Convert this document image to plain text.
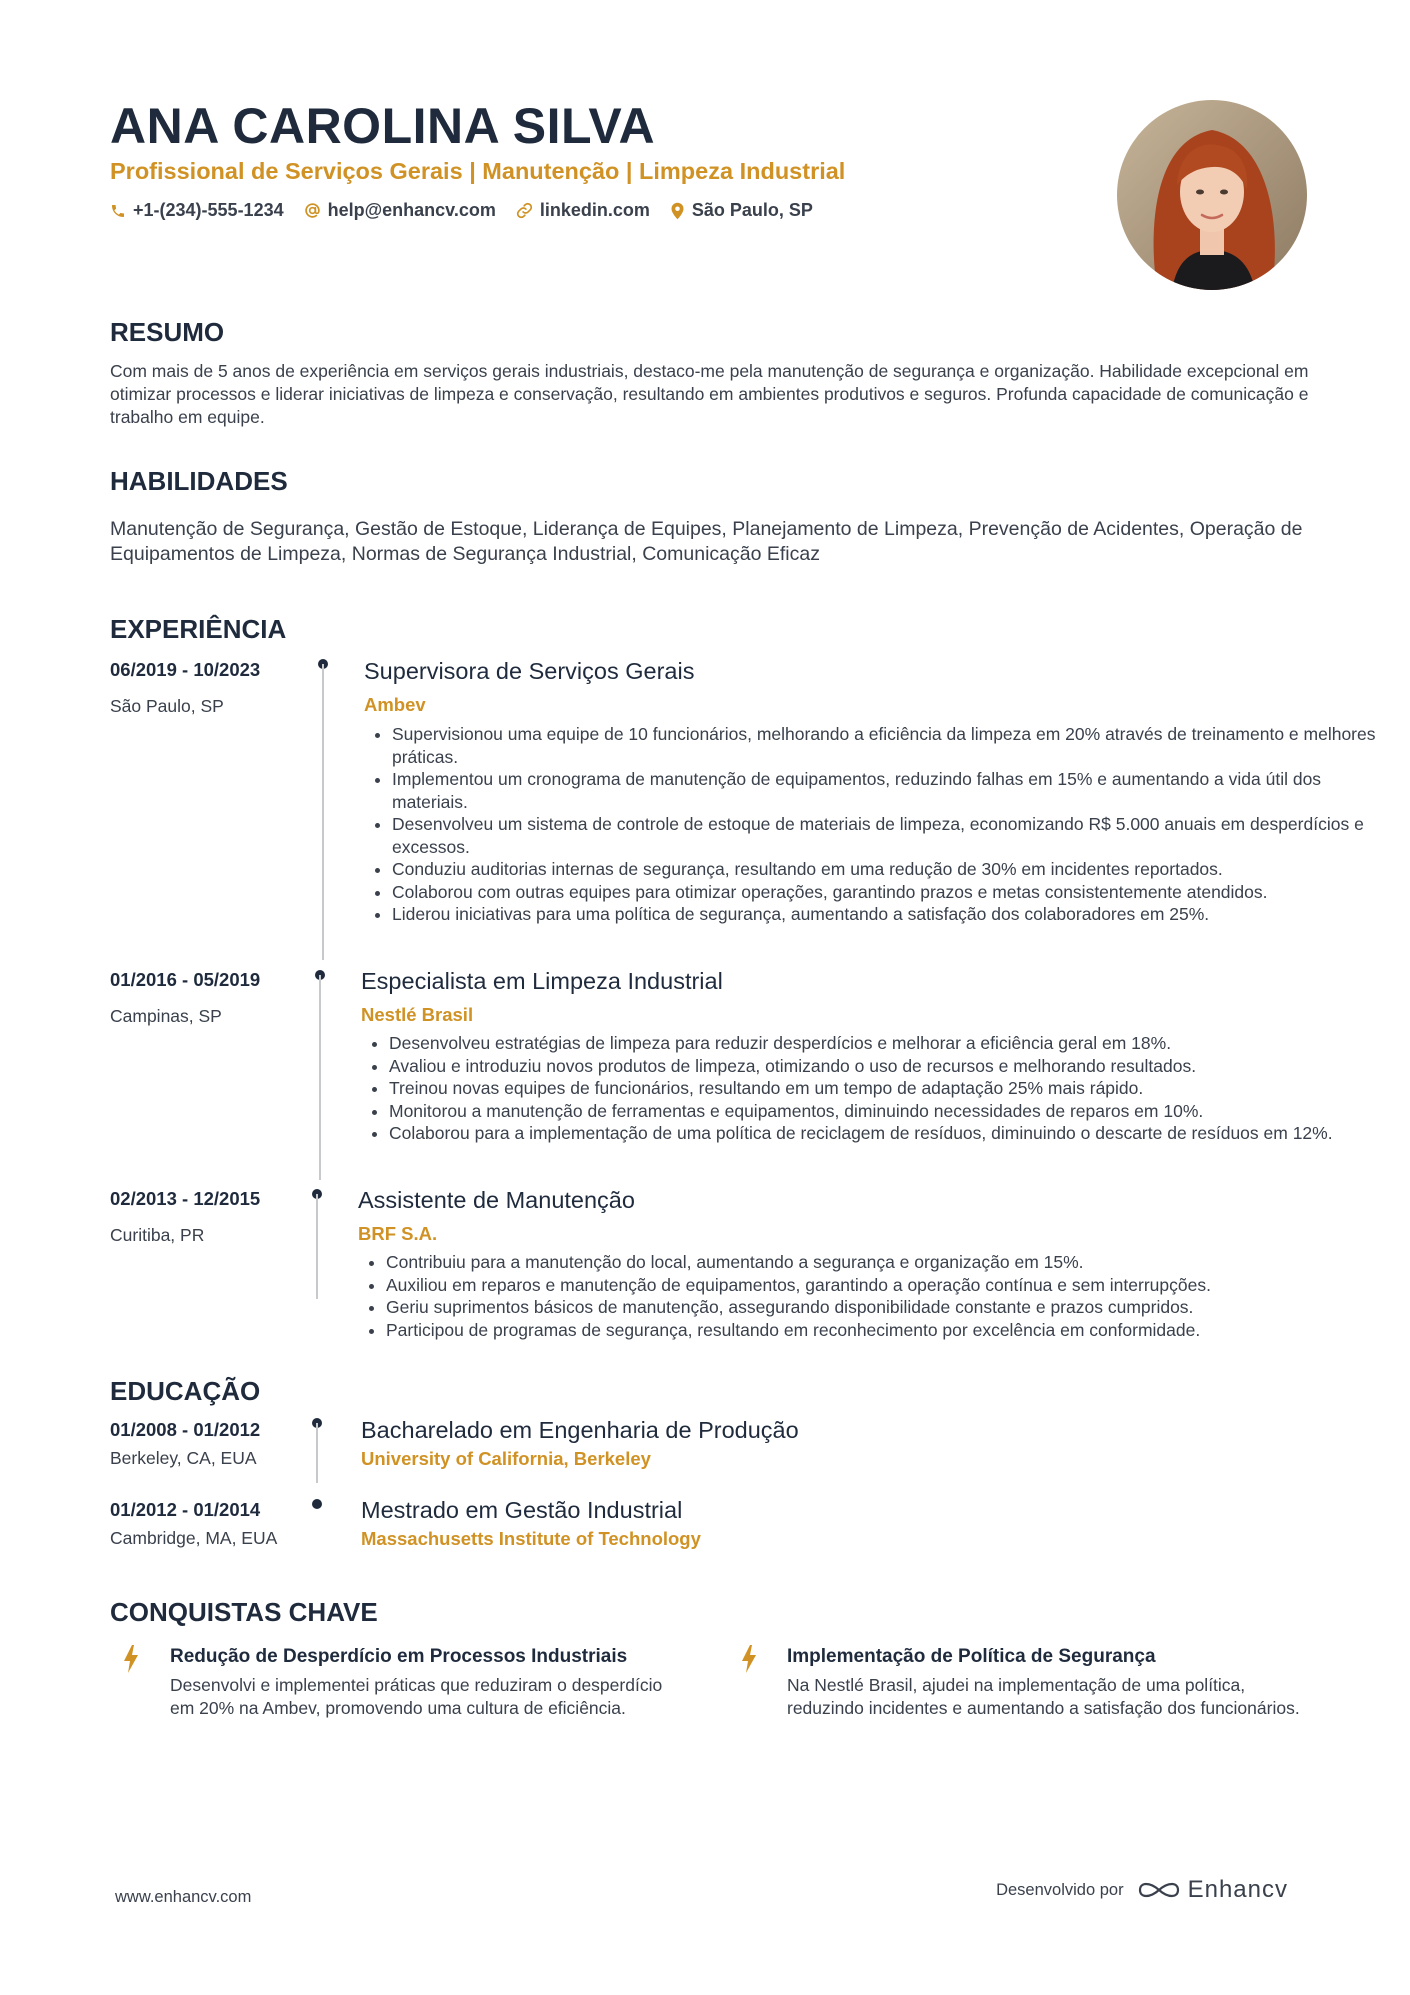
ANA CAROLINA SILVA
Profissional de Serviços Gerais | Manutenção | Limpeza Industrial
+1-(234)-555-1234 help@enhancv.com linkedin.com São Paulo, SP
RESUMO

Com mais de 5 anos de experiência em serviços gerais industriais, destaco-me pela manutenção de segurança e organização. Habilidade excepcional em otimizar processos e liderar iniciativas de limpeza e conservação, resultando em ambientes produtivos e seguros. Profunda capacidade de comunicação e trabalho em equipe.

HABILIDADES

Manutenção de Segurança, Gestão de Estoque, Liderança de Equipes, Planejamento de Limpeza, Prevenção de Acidentes, Operação de Equipamentos de Limpeza, Normas de Segurança Industrial, Comunicação Eficaz

EXPERIÊNCIA
06/2019 - 10/2023
São Paulo, SP
Supervisora de Serviços Gerais
Ambev
• Supervisionou uma equipe de 10 funcionários, melhorando a eficiência da limpeza em 20% através de treinamento e melhores práticas.
• Implementou um cronograma de manutenção de equipamentos, reduzindo falhas em 15% e aumentando a vida útil dos materiais.
• Desenvolveu um sistema de controle de estoque de materiais de limpeza, economizando R$ 5.000 anuais em desperdícios e excessos.
• Conduziu auditorias internas de segurança, resultando em uma redução de 30% em incidentes reportados.
• Colaborou com outras equipes para otimizar operações, garantindo prazos e metas consistentemente atendidos.
• Liderou iniciativas para uma política de segurança, aumentando a satisfação dos colaboradores em 25%.
01/2016 - 05/2019
Campinas, SP
Especialista em Limpeza Industrial
Nestlé Brasil
• Desenvolveu estratégias de limpeza para reduzir desperdícios e melhorar a eficiência geral em 18%.
• Avaliou e introduziu novos produtos de limpeza, otimizando o uso de recursos e melhorando resultados.
• Treinou novas equipes de funcionários, resultando em um tempo de adaptação 25% mais rápido.
• Monitorou a manutenção de ferramentas e equipamentos, diminuindo necessidades de reparos em 10%.
• Colaborou para a implementação de uma política de reciclagem de resíduos, diminuindo o descarte de resíduos em 12%.
02/2013 - 12/2015
Curitiba, PR
Assistente de Manutenção
BRF S.A.
• Contribuiu para a manutenção do local, aumentando a segurança e organização em 15%.
• Auxiliou em reparos e manutenção de equipamentos, garantindo a operação contínua e sem interrupções.
• Geriu suprimentos básicos de manutenção, assegurando disponibilidade constante e prazos cumpridos.
• Participou de programas de segurança, resultando em reconhecimento por excelência em conformidade.
EDUCAÇÃO
01/2008 - 01/2012
Berkeley, CA, EUA
Bacharelado em Engenharia de Produção
University of California, Berkeley
01/2012 - 01/2014
Cambridge, MA, EUA
Mestrado em Gestão Industrial
Massachusetts Institute of Technology
CONQUISTAS CHAVE
Redução de Desperdício em Processos Industriais

Desenvolvi e implementei práticas que reduziram o desperdício em 20% na Ambev, promovendo uma cultura de eficiência.

Implementação de Política de Segurança

Na Nestlé Brasil, ajudei na implementação de uma política, reduzindo incidentes e aumentando a satisfação dos funcionários.

www.enhancv.com	Desenvolvido por	Enhancv
